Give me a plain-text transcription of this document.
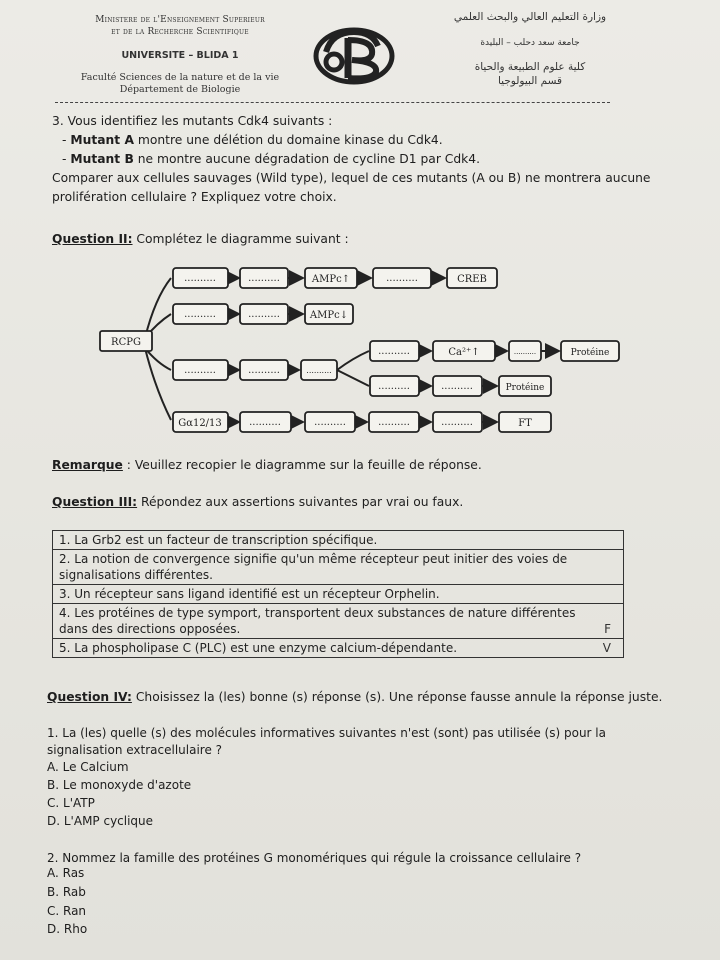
Ministere de l'Enseignement Superieur
et de la Recherche Scientifique
UNIVERSITE – BLIDA 1
Faculté Sciences de la nature et de la vie
Département de Biologie
وزارة التعليم العالي والبحث العلمي
جامعة سعد دحلب – البليدة
كلية علوم الطبيعة والحياة
قسم البيولوجيا
3. Vous identifiez les mutants Cdk4 suivants :
- Mutant A montre une délétion du domaine kinase du Cdk4.
- Mutant B ne montre aucune dégradation de cycline D1 par Cdk4.
Comparer aux cellules sauvages (Wild type), lequel de ces mutants (A ou B) ne montrera aucune
prolifération cellulaire ? Expliquez votre choix.
Question II: Complétez le diagramme suivant :
RCPG
..........	..........	AMPc↑	..........	CREB
..........	..........	AMPc↓
..........	..........	..........
..........	Ca²⁺↑	..........	Protéine
..........	..........	Protéine
Gα12/13	..........	..........	..........	..........	FT
Remarque : Veuillez recopier le diagramme sur la feuille de réponse.
Question III: Répondez aux assertions suivantes par vrai ou faux.
1. La Grb2 est un facteur de transcription spécifique.
2. La notion de convergence signifie qu'un même récepteur peut initier des voies de signalisations différentes.
3. Un récepteur sans ligand identifié est un récepteur Orphelin.
4. Les protéines de type symport, transportent deux substances de nature différentes dans des directions opposées.	F
5. La phospholipase C (PLC) est une enzyme calcium-dépendante.	V
Question IV: Choisissez la (les) bonne (s) réponse (s). Une réponse fausse annule la réponse juste.
1. La (les) quelle (s) des molécules informatives suivantes n'est (sont) pas utilisée (s) pour la
signalisation extracellulaire ?
A. Le Calcium
B. Le monoxyde d'azote
C. L'ATP
D. L'AMP cyclique
2. Nommez la famille des protéines G monomériques qui régule la croissance cellulaire ?
A. Ras
B. Rab
C. Ran
D. Rho
